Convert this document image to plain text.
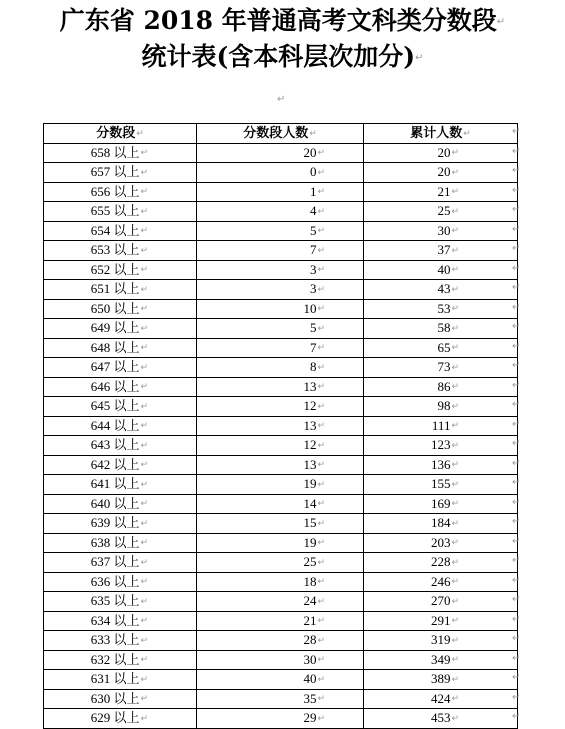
广东省 2018 年普通高考文科类分数段↵
统计表(含本科层次加分)↵
↵
分数段↵	分数段人数↵	累计人数↵
658 以上↵	20↵	20↵
657 以上↵	0↵	20↵
656 以上↵	1↵	21↵
655 以上↵	4↵	25↵
654 以上↵	5↵	30↵
653 以上↵	7↵	37↵
652 以上↵	3↵	40↵
651 以上↵	3↵	43↵
650 以上↵	10↵	53↵
649 以上↵	5↵	58↵
648 以上↵	7↵	65↵
647 以上↵	8↵	73↵
646 以上↵	13↵	86↵
645 以上↵	12↵	98↵
644 以上↵	13↵	111↵
643 以上↵	12↵	123↵
642 以上↵	13↵	136↵
641 以上↵	19↵	155↵
640 以上↵	14↵	169↵
639 以上↵	15↵	184↵
638 以上↵	19↵	203↵
637 以上↵	25↵	228↵
636 以上↵	18↵	246↵
635 以上↵	24↵	270↵
634 以上↵	21↵	291↵
633 以上↵	28↵	319↵
632 以上↵	30↵	349↵
631 以上↵	40↵	389↵
630 以上↵	35↵	424↵
629 以上↵	29↵	453↵
↵
↵
↵
↵
↵
↵
↵
↵
↵
↵
↵
↵
↵
↵
↵
↵
↵
↵
↵
↵
↵
↵
↵
↵
↵
↵
↵
↵
↵
↵
↵
